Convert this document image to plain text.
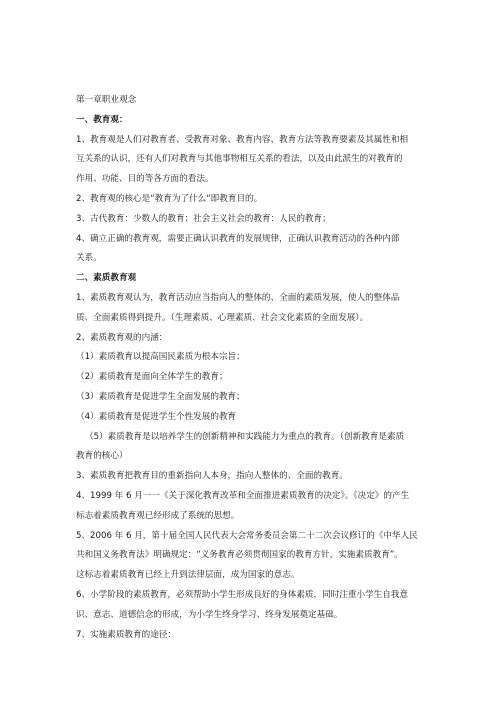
第一章职业观念
一、教育观：
1、教育观是人们对教育者、受教育对象、教育内容、教育方法等教育要素及其属性和相
互关系的认识，还有人们对教育与其他事物相互关系的看法，以及由此派生的对教育的
作用、功能、目的等各方面的看法。
2、教育观的核心是“教育为了什么“即教育目的。
3、古代教育：少数人的教育；社会主义社会的教育：人民的教育；
4、确立正确的教育观，需要正确认识教育的发展规律，正确认识教育活动的各种内部
关系。
二、素质教育观
1、素质教育观认为，教育活动应当指向人的整体的、全面的素质发展，使人的整体品
质、全面素质得到提升。（生理素质、心理素质、社会文化素质的全面发展）。
2、素质教育观的内涵：
（1）素质教育以提高国民素质为根本宗旨；
（2）素质教育是面向全体学生的教育；
（3）素质教育是促进学生全面发展的教育；
（4）素质教育是促进学生个性发展的教育
（5）素质教育是以培养学生的创新精神和实践能力为重点的教育。（创新教育是素质
教育的核心）
3、素质教育把教育目的重新指向人本身，指向人整体的、全面的教育。
4、1999 年 6 月一一《关于深化教育改革和全面推进素质教育的决定》。《决定》的产生
标志着素质教育观已经形成了系统的思想。
5、2006 年 6 月，第十届全国人民代表大会常务委员会第二十二次会议修订的《中华人民
共和国义务教育法》明确规定：“义务教育必须贯彻国家的教育方针，实施素质教育”。
这标志着素质教育已经上升到法律层面，成为国家的意志。
6、小学阶段的素质教育，必须帮助小学生形成良好的身体素质，同时注重小学生自我意
识、意志、道德信念的形成，为小学生终身学习、终身发展奠定基础。
7、实施素质教育的途径：
